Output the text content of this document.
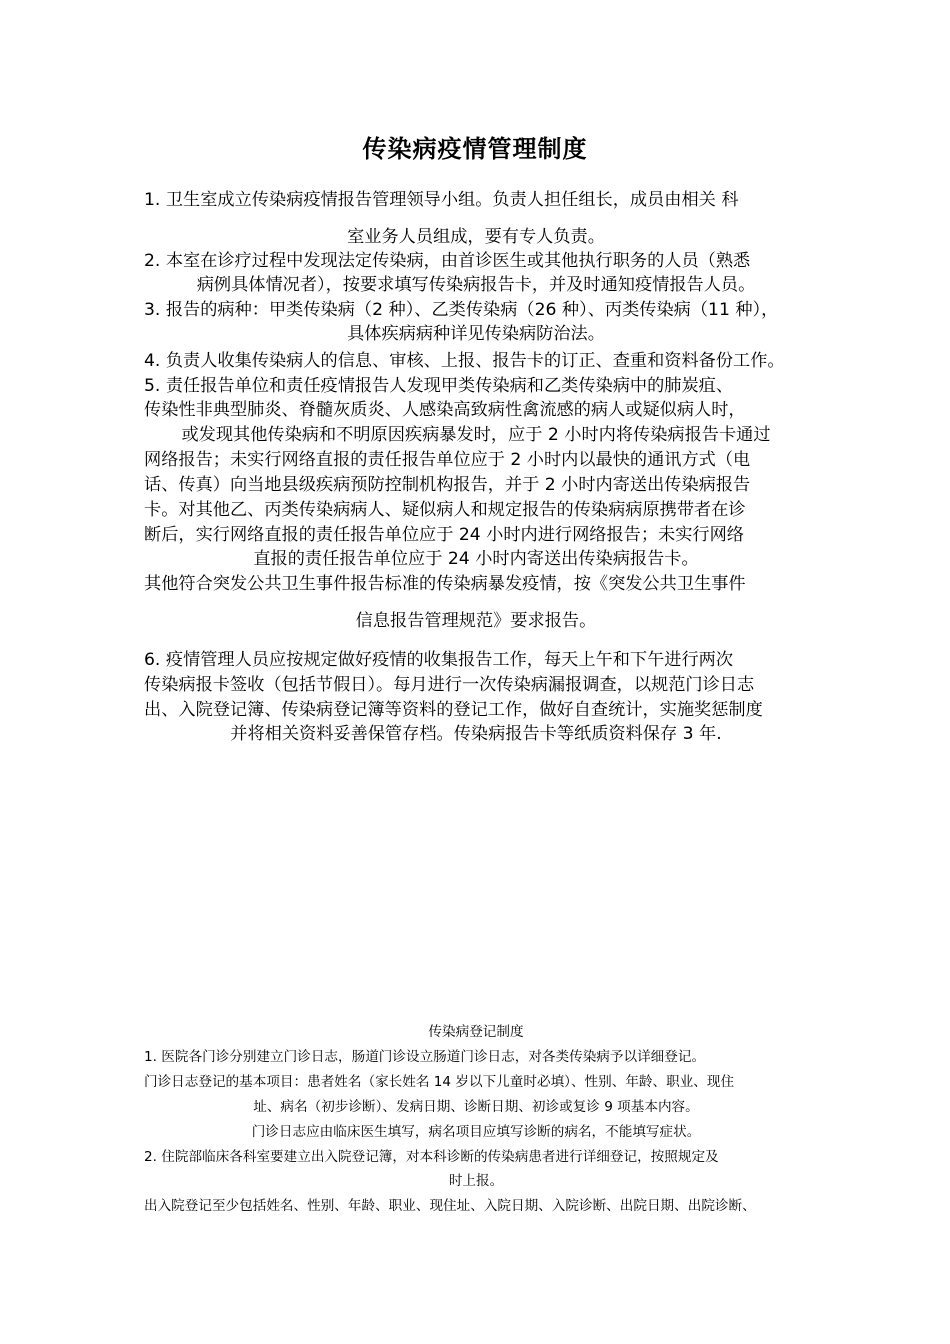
传染病疫情管理制度
1. 卫生室成立传染病疫情报告管理领导小组。负责人担任组长，成员由相关 科
室业务人员组成，要有专人负责。
2. 本室在诊疗过程中发现法定传染病，由首诊医生或其他执行职务的人员（熟悉
病例具体情况者），按要求填写传染病报告卡，并及时通知疫情报告人员。
3. 报告的病种：甲类传染病（2 种）、乙类传染病（26 种）、丙类传染病（11 种），
具体疾病病种详见传染病防治法。
4. 负责人收集传染病人的信息、审核、上报、报告卡的订正、查重和资料备份工作。
5. 责任报告单位和责任疫情报告人发现甲类传染病和乙类传染病中的肺炭疽、
传染性非典型肺炎、脊髓灰质炎、人感染高致病性禽流感的病人或疑似病人时，
或发现其他传染病和不明原因疾病暴发时，应于 2 小时内将传染病报告卡通过
网络报告；未实行网络直报的责任报告单位应于 2 小时内以最快的通讯方式（电
话、传真）向当地县级疾病预防控制机构报告，并于 2 小时内寄送出传染病报告
卡。对其他乙、丙类传染病病人、疑似病人和规定报告的传染病病原携带者在诊
断后，实行网络直报的责任报告单位应于 24 小时内进行网络报告；未实行网络
直报的责任报告单位应于 24 小时内寄送出传染病报告卡。
其他符合突发公共卫生事件报告标准的传染病暴发疫情，按《突发公共卫生事件
信息报告管理规范》要求报告。
6. 疫情管理人员应按规定做好疫情的收集报告工作，每天上午和下午进行两次
传染病报卡签收（包括节假日）。每月进行一次传染病漏报调查，以规范门诊日志
出、入院登记簿、传染病登记簿等资料的登记工作，做好自查统计，实施奖惩制度
并将相关资料妥善保管存档。传染病报告卡等纸质资料保存 3 年.
传染病登记制度
1. 医院各门诊分别建立门诊日志，肠道门诊设立肠道门诊日志，对各类传染病予以详细登记。
门诊日志登记的基本项目：患者姓名（家长姓名 14 岁以下儿童时必填）、性别、年龄、职业、现住
址、病名（初步诊断）、发病日期、诊断日期、初诊或复诊 9 项基本内容。
门诊日志应由临床医生填写，病名项目应填写诊断的病名，不能填写症状。
2. 住院部临床各科室要建立出入院登记簿，对本科诊断的传染病患者进行详细登记，按照规定及
时上报。
出入院登记至少包括姓名、性别、年龄、职业、现住址、入院日期、入院诊断、出院日期、出院诊断、
